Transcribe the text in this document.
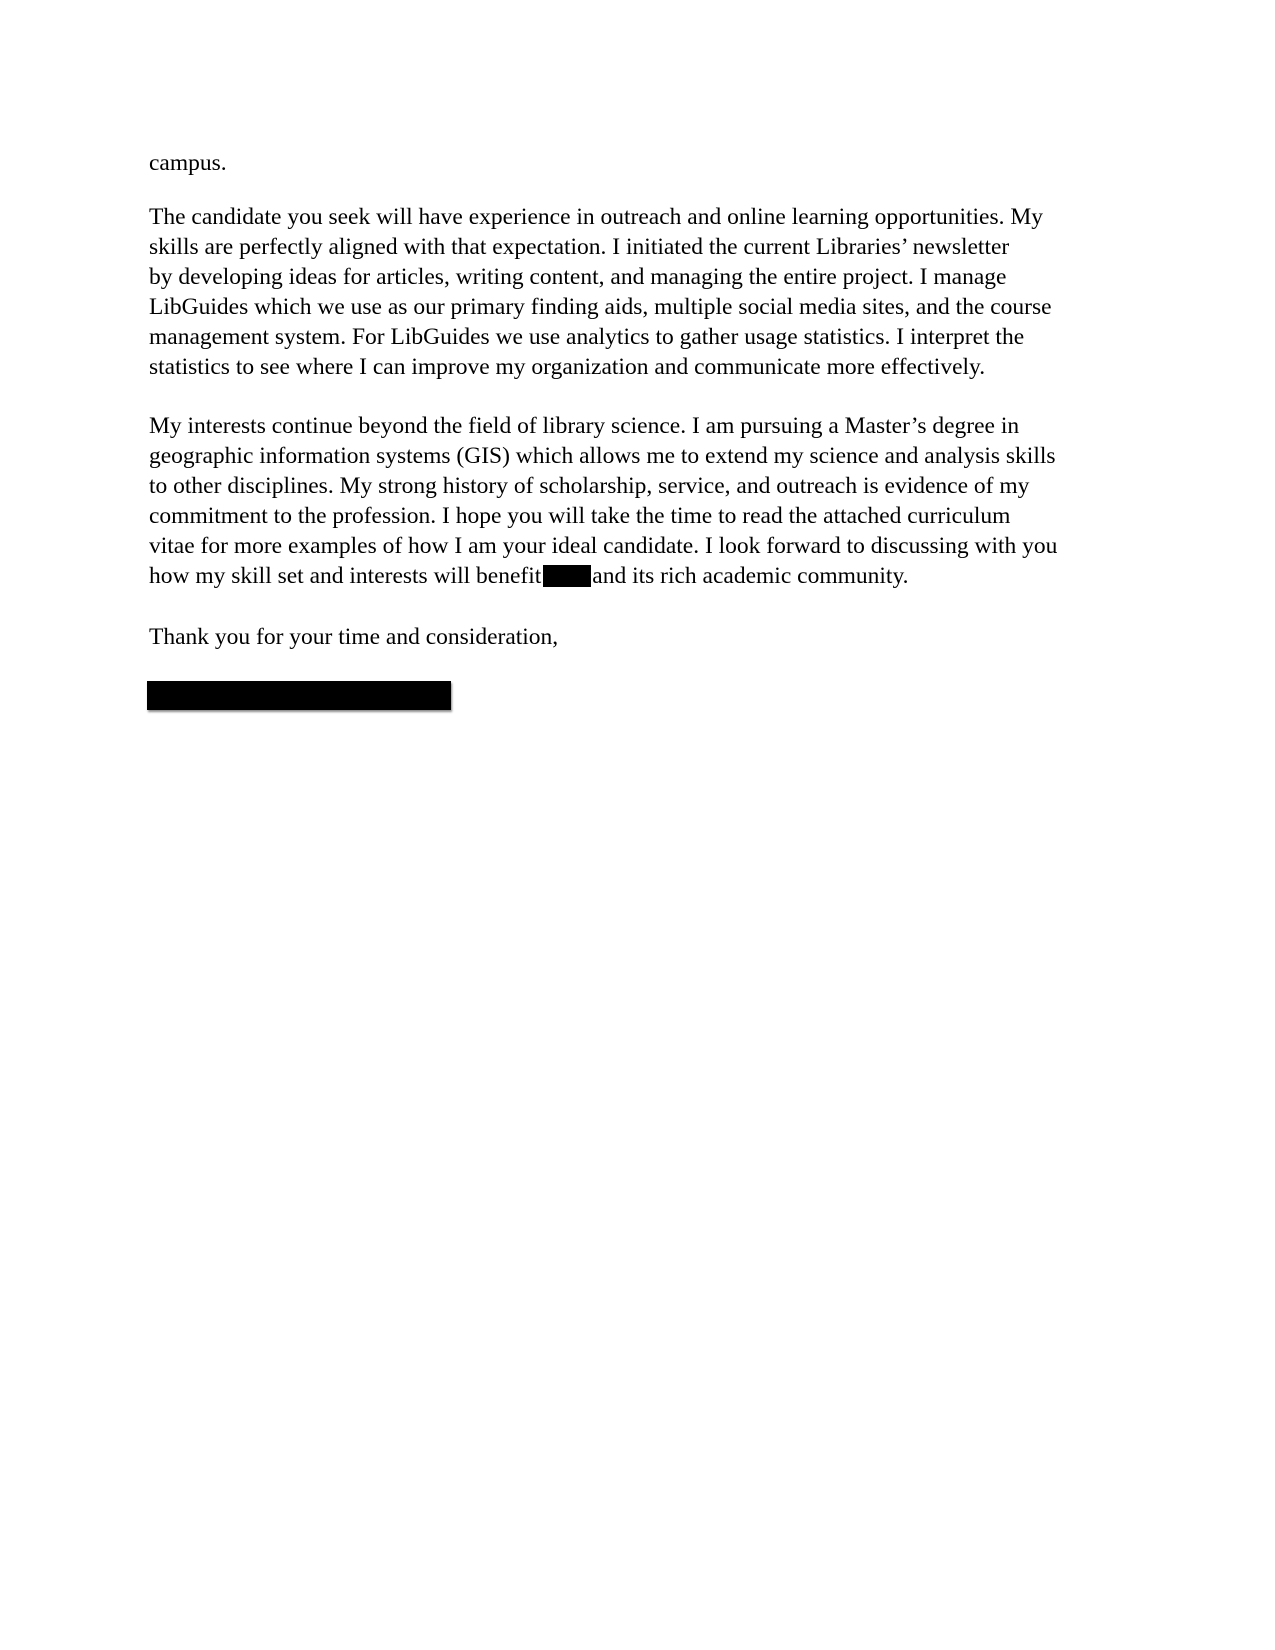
campus.

The candidate you seek will have experience in outreach and online learning opportunities. My
skills are perfectly aligned with that expectation. I initiated the current Libraries’ newsletter
by developing ideas for articles, writing content, and managing the entire project. I manage
LibGuides which we use as our primary finding aids, multiple social media sites, and the course
management system. For LibGuides we use analytics to gather usage statistics. I interpret the
statistics to see where I can improve my organization and communicate more effectively.

My interests continue beyond the field of library science. I am pursuing a Master’s degree in
geographic information systems (GIS) which allows me to extend my science and analysis skills
to other disciplines. My strong history of scholarship, service, and outreach is evidence of my
commitment to the profession. I hope you will take the time to read the attached curriculum
vitae for more examples of how I am your ideal candidate. I look forward to discussing with you
how my skill set and interests will benefit and its rich academic community.

Thank you for your time and consideration,
